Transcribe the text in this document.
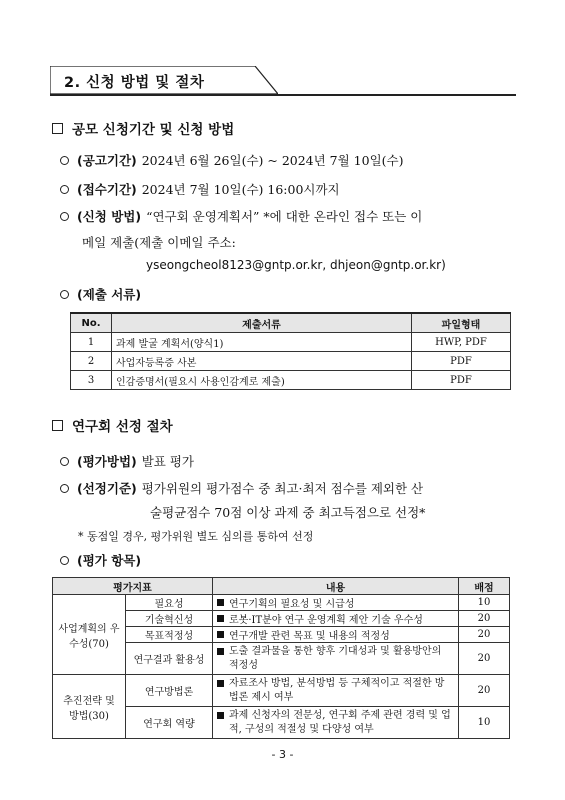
2. 신청 방법 및 절차
공모 신청기간 및 신청 방법
(공고기간) 2024년 6월 26일(수) ~ 2024년 7월 10일(수)
(접수기간) 2024년 7월 10일(수) 16:00시까지
(신청 방법) “연구회 운영계획서” *에 대한 온라인 접수 또는 이
메일 제출(제출 이메일 주소:
yseongcheol8123@gntp.or.kr, dhjeon@gntp.or.kr)
(제출 서류)
No.	제출서류	파일형태
1	과제 발굴 계획서(양식1)	HWP, PDF
2	사업자등록증 사본	PDF
3	인감증명서(필요시 사용인감계로 제출)	PDF
연구회 선정 절차
(평가방법) 발표 평가
(선정기준) 평가위원의 평가점수 중 최고·최저 점수를 제외한 산
술평균점수 70점 이상 과제 중 최고득점으로 선정*
* 동점일 경우, 평가위원 별도 심의를 통하여 선정
(평가 항목)
평가지표		내용	배점
사업계획의 우수성(70)	필요성	연구기획의 필요성 및 시급성	10
	기술혁신성	로봇·IT분야 연구 운영계획 제안 기술 우수성	20
	목표적정성	연구개발 관련 목표 및 내용의 적정성	20
	연구결과 활용성	도출 결과물을 통한 향후 기대성과 및 활용방안의 적정성	20
추진전략 및 방법(30)	연구방법론	자료조사 방법, 분석방법 등 구체적이고 적절한 방법론 제시 여부	20
	연구회 역량	과제 신청자의 전문성, 연구회 주제 관련 경력 및 업적, 구성의 적절성 및 다양성 여부	10
- 3 -
